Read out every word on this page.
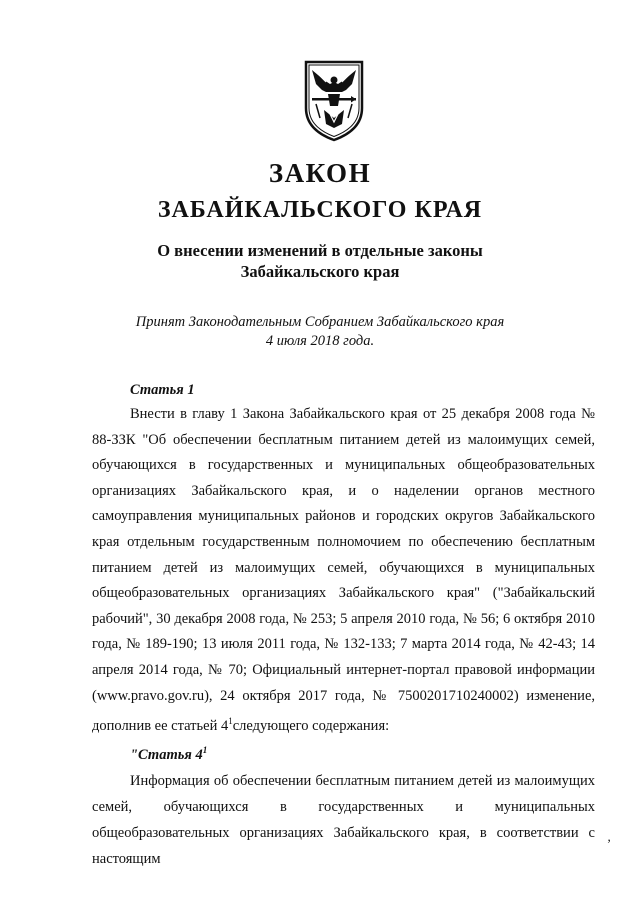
ЗАКОН
ЗАБАЙКАЛЬСКОГО КРАЯ
О внесении изменений в отдельные законы
Забайкальского края
Принят Законодательным Собранием Забайкальского края
4 июля 2018 года.
Статья 1

Внести в главу 1 Закона Забайкальского края от 25 декабря 2008 года № 88-ЗЗК "Об обеспечении бесплатным питанием детей из малоимущих семей, обучающихся в государственных и муниципальных общеобразовательных организациях Забайкальского края, и о наделении органов местного самоуправления муниципальных районов и городских округов Забайкальского края отдельным государственным полномочием по обеспечению бесплатным питанием детей из малоимущих семей, обучающихся в муниципальных общеобразовательных организациях Забайкальского края" ("Забайкальский рабочий", 30 декабря 2008 года, № 253; 5 апреля 2010 года, № 56; 6 октября 2010 года, № 189-190; 13 июля 2011 года, № 132-133; 7 марта 2014 года, № 42-43; 14 апреля 2014 года, № 70; Официальный интернет-портал правовой информации (www.pravo.gov.ru), 24 октября 2017 года, № 7500201710240002) изменение, дополнив ее статьей $4^1следующего$ содержания:

"Статья $4^1$

Информация об обеспечении бесплатным питанием детей из малоимущих семей, обучающихся в государственных и муниципальных общеобразовательных организациях Забайкальского края, в соответствии с настоящим

’
